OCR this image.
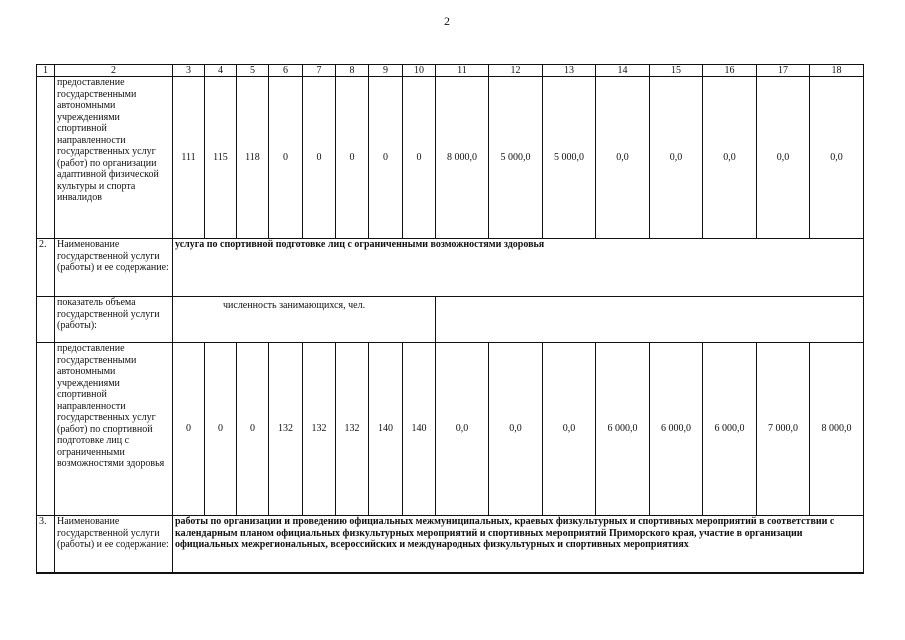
2
1	2	3	4	5	6	7	8	9	10	11	12	13	14	15	16	17	18
	предоставление государственными автономными учреждениями спортивной направленности государственных услуг (работ) по организации адаптивной физической культуры и спорта инвалидов	111	115	118	0	0	0	0	0	8 000,0	5 000,0	5 000,0	0,0	0,0	0,0	0,0	0,0
2.	Наименование государственной услуги (работы) и ее содержание:	услуга по спортивной подготовке лиц с ограниченными возможностями здоровья															
	показатель объема государственной услуги (работы):	численность занимающихся, чел.															
	предоставление государственными автономными учреждениями спортивной направленности государственных услуг (работ) по спортивной подготовке лиц с ограниченными возможностями здоровья	0	0	0	132	132	132	140	140	0,0	0,0	0,0	6 000,0	6 000,0	6 000,0	7 000,0	8 000,0
3.	Наименование государственной услуги (работы) и ее содержание:	работы по организации и проведению официальных межмуниципальных, краевых физкультурных и спортивных мероприятий в соответствии с календарным планом официальных физкультурных мероприятий и спортивных мероприятий Приморского края, участие в организации официальных межрегиональных, всероссийских и международных физкультурных и спортивных мероприятиях															
